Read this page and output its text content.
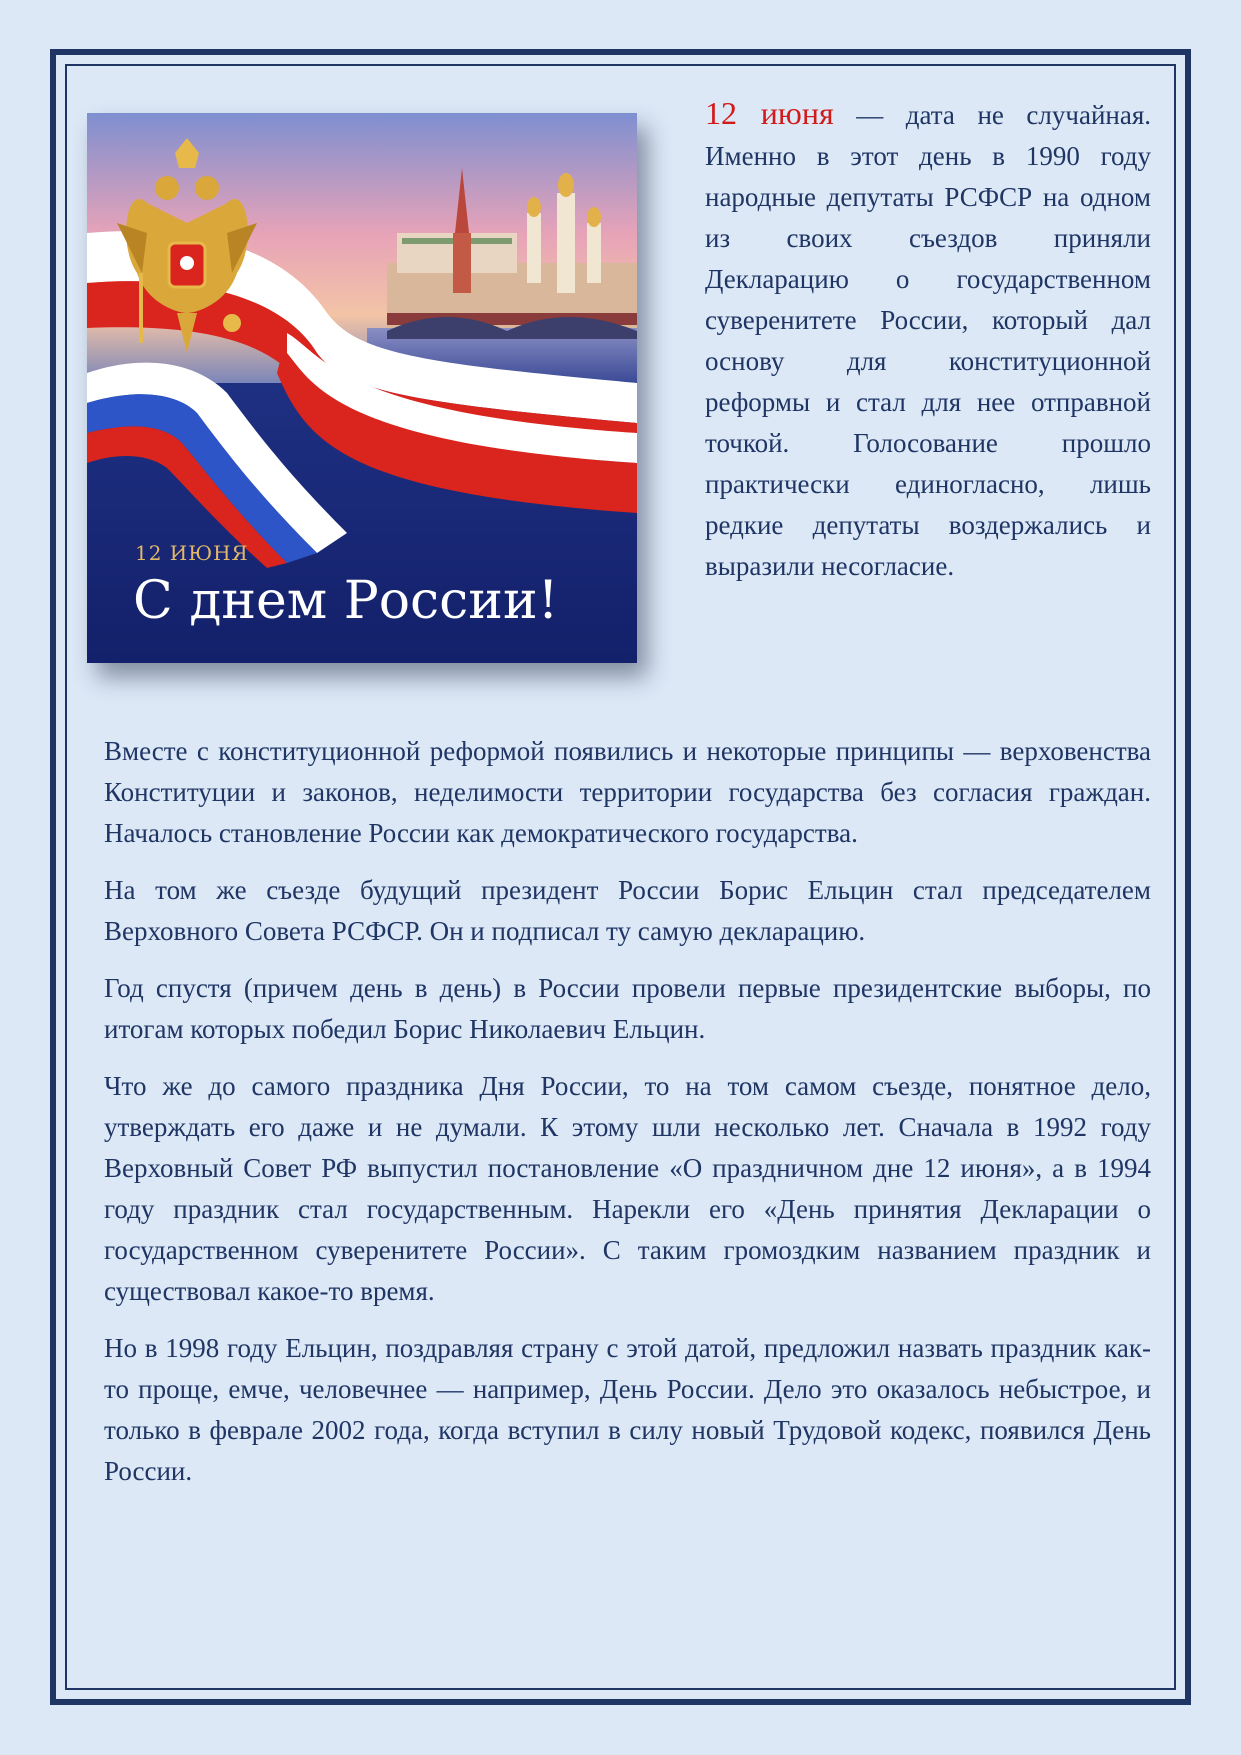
12 ИЮНЯ
С днем России!
12 июня — дата не случайная. Именно в этот день в 1990 году народные депутаты РСФСР на одном из своих съездов приняли Декларацию о государственном суверенитете России, который дал основу для конституционной реформы и стал для нее отправной точкой. Голосование прошло практически единогласно, лишь редкие депутаты воздержались и выразили несогласие.

Вместе с конституционной реформой появились и некоторые принципы — верховенства Конституции и законов, неделимости территории государства без согласия граждан. Началось становление России как демократического государства.

На том же съезде будущий президент России Борис Ельцин стал председателем Верховного Совета РСФСР. Он и подписал ту самую декларацию.

Год спустя (причем день в день) в России провели первые президентские выборы, по итогам которых победил Борис Николаевич Ельцин.

Что же до самого праздника Дня России, то на том самом съезде, понятное дело, утверждать его даже и не думали. К этому шли несколько лет. Сначала в 1992 году Верховный Совет РФ выпустил постановление «О праздничном дне 12 июня», а в 1994 году праздник стал государственным. Нарекли его «День принятия Декларации о государственном суверенитете России». С таким громоздким названием праздник и существовал какое-то время.

Но в 1998 году Ельцин, поздравляя страну с этой датой, предложил назвать праздник как-то проще, емче, человечнее — например, День России. Дело это оказалось небыстрое, и только в феврале 2002 года, когда вступил в силу новый Трудовой кодекс, появился День России.
